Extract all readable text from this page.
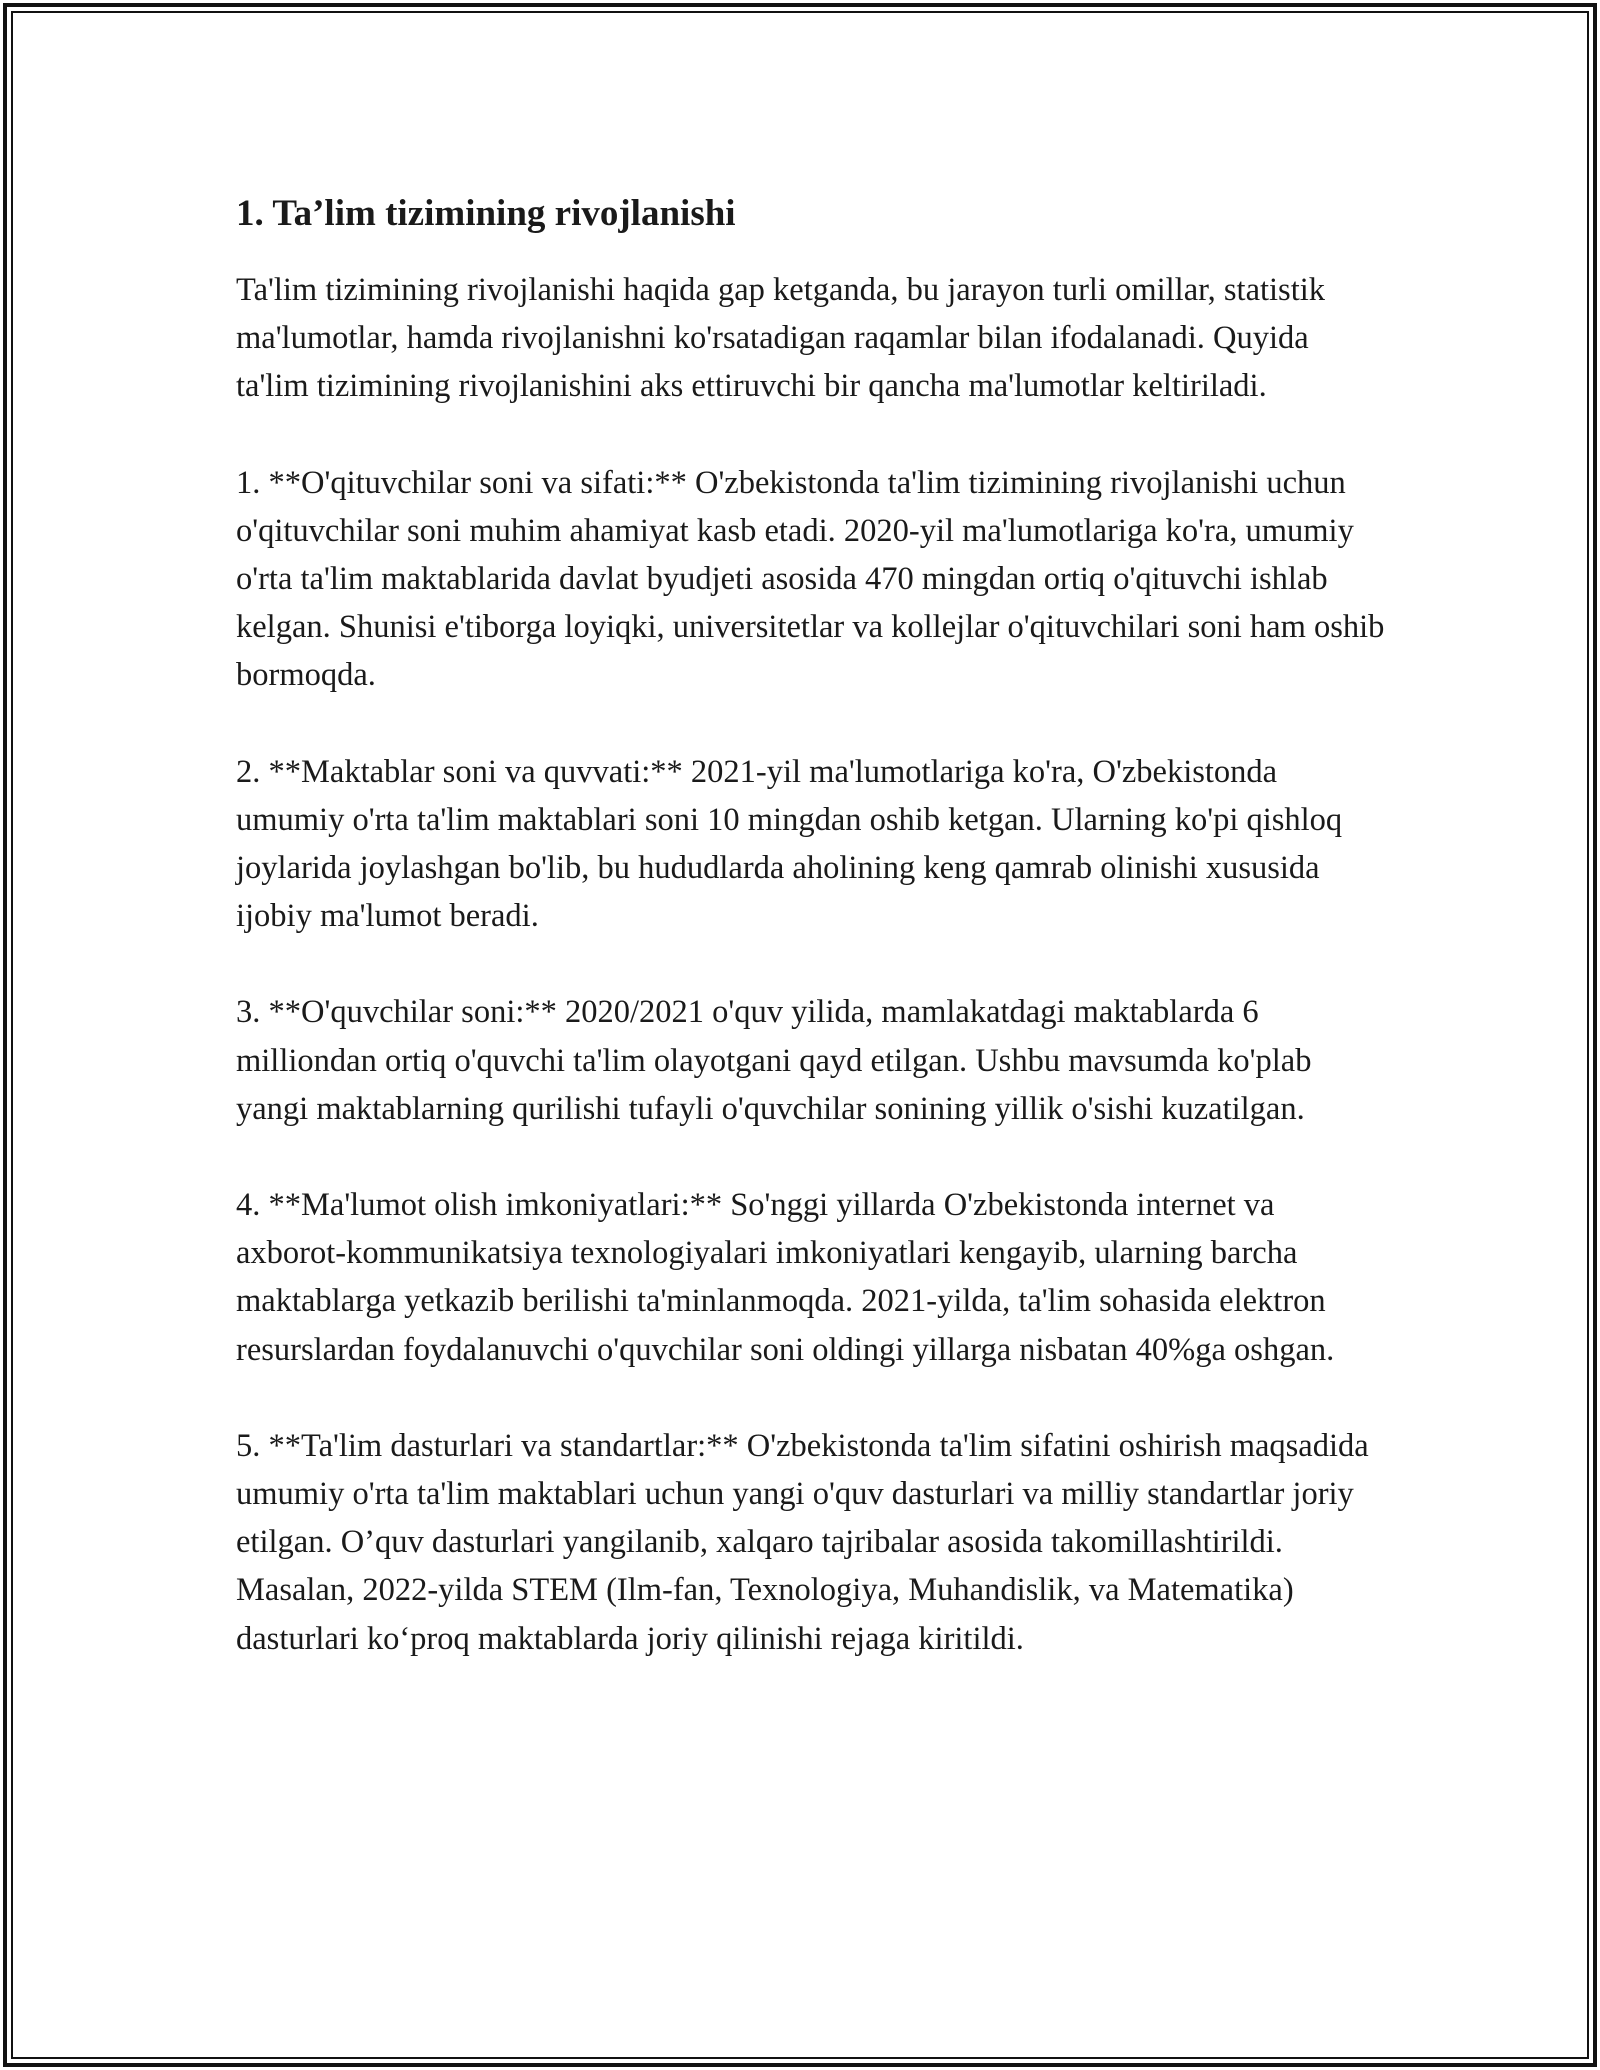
1. Ta’lim tizimining rivojlanishi

Ta'lim tizimining rivojlanishi haqida gap ketganda, bu jarayon turli omillar, statistik ma'lumotlar, hamda rivojlanishni ko'rsatadigan raqamlar bilan ifodalanadi. Quyida ta'lim tizimining rivojlanishini aks ettiruvchi bir qancha ma'lumotlar keltiriladi.

1. **O'qituvchilar soni va sifati:** O'zbekistonda ta'lim tizimining rivojlanishi uchun o'qituvchilar soni muhim ahamiyat kasb etadi. 2020-yil ma'lumotlariga ko'ra, umumiy o'rta ta'lim maktablarida davlat byudjeti asosida 470 mingdan ortiq o'qituvchi ishlab kelgan. Shunisi e'tiborga loyiqki, universitetlar va kollejlar o'qituvchilari soni ham oshib bormoqda.

2. **Maktablar soni va quvvati:** 2021-yil ma'lumotlariga ko'ra, O'zbekistonda umumiy o'rta ta'lim maktablari soni 10 mingdan oshib ketgan. Ularning ko'pi qishloq joylarida joylashgan bo'lib, bu hududlarda aholining keng qamrab olinishi xususida ijobiy ma'lumot beradi.

3. **O'quvchilar soni:** 2020/2021 o'quv yilida, mamlakatdagi maktablarda 6 milliondan ortiq o'quvchi ta'lim olayotgani qayd etilgan. Ushbu mavsumda ko'plab yangi maktablarning qurilishi tufayli o'quvchilar sonining yillik o'sishi kuzatilgan.

4. **Ma'lumot olish imkoniyatlari:** So'nggi yillarda O'zbekistonda internet va axborot-kommunikatsiya texnologiyalari imkoniyatlari kengayib, ularning barcha maktablarga yetkazib berilishi ta'minlanmoqda. 2021-yilda, ta'lim sohasida elektron resurslardan foydalanuvchi o'quvchilar soni oldingi yillarga nisbatan 40%ga oshgan.

5. **Ta'lim dasturlari va standartlar:** O'zbekistonda ta'lim sifatini oshirish maqsadida umumiy o'rta ta'lim maktablari uchun yangi o'quv dasturlari va milliy standartlar joriy etilgan. O’quv dasturlari yangilanib, xalqaro tajribalar asosida takomillashtirildi. Masalan, 2022-yilda STEM (Ilm-fan, Texnologiya, Muhandislik, va Matematika) dasturlari ko‘proq maktablarda joriy qilinishi rejaga kiritildi.
